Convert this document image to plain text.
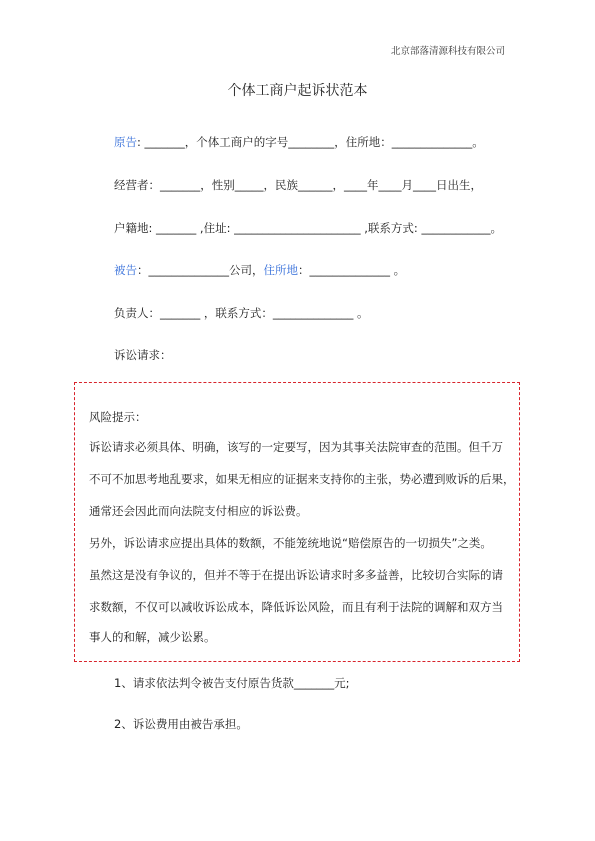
北京部落清源科技有限公司
个体工商户起诉状范本
原告: _______，个体工商户的字号________，住所地：______________。
经营者：_______，性别_____，民族______，____年____月____日出生，
户籍地: _______ ,住址: ______________________ ,联系方式: ____________。
被告：______________公司，住所地：______________ 。
负责人：_______ ，联系方式：______________ 。
诉讼请求：
风险提示：
诉讼请求必须具体、明确，该写的一定要写，因为其事关法院审查的范围。但千万
不可不加思考地乱要求，如果无相应的证据来支持你的主张，势必遭到败诉的后果，
通常还会因此而向法院支付相应的诉讼费。
另外，诉讼请求应提出具体的数额，不能笼统地说“赔偿原告的一切损失”之类。
虽然这是没有争议的，但并不等于在提出诉讼请求时多多益善，比较切合实际的请
求数额，不仅可以减收诉讼成本，降低诉讼风险，而且有利于法院的调解和双方当
事人的和解，减少讼累。
1、请求依法判令被告支付原告货款_______元;
2、诉讼费用由被告承担。
